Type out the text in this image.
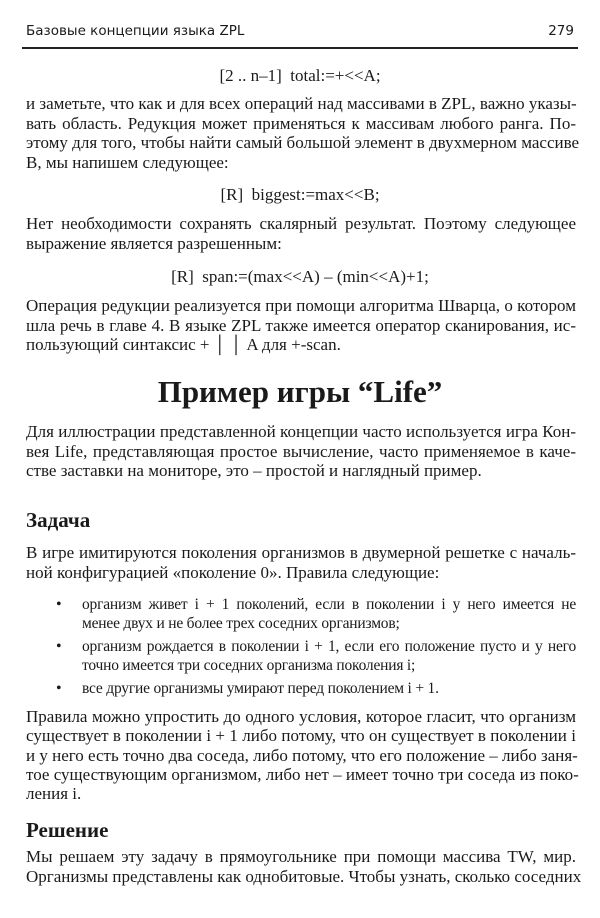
Базовые концепции языка ZPL	279
[2 .. n–1]  total:=+<<A;
и заметьте, что как и для всех операций над массивами в ZPL, важно указы-
вать область. Редукция может применяться к массивам любого ранга. По-
этому для того, чтобы найти самый большой элемент в двухмерном массиве
В, мы напишем следующее:
[R]  biggest:=max<<B;
Нет необходимости сохранять скалярный результат. Поэтому следующее
выражение является разрешенным:
[R]  span:=(max<<A) – (min<<A)+1;
Операция редукции реализуется при помощи алгоритма Шварца, о котором
шла речь в главе 4. В языке ZPL также имеется оператор сканирования, ис-
пользующий синтаксис + │ │ A для +-scan.
Пример игры “Life”
Для иллюстрации представленной концепции часто используется игра Кон-
вея Life, представляющая простое вычисление, часто применяемое в каче-
стве заставки на мониторе, это – простой и наглядный пример.
Задача
В игре имитируются поколения организмов в двумерной решетке с началь-
ной конфигурацией «поколение 0». Правила следующие:
• организм живет i + 1 поколений, если в поколении i у него имеется не
менее двух и не более трех соседних организмов;
• организм рождается в поколении i + 1, если его положение пусто и у него
точно имеется три соседних организма поколения i;
• все другие организмы умирают перед поколением i + 1.
Правила можно упростить до одного условия, которое гласит, что организм
существует в поколении i + 1 либо потому, что он существует в поколении i
и у него есть точно два соседа, либо потому, что его положение – либо заня-
тое существующим организмом, либо нет – имеет точно три соседа из поко-
ления i.
Решение
Мы решаем эту задачу в прямоугольнике при помощи массива TW, мир.
Организмы представлены как однобитовые. Чтобы узнать, сколько соседних
